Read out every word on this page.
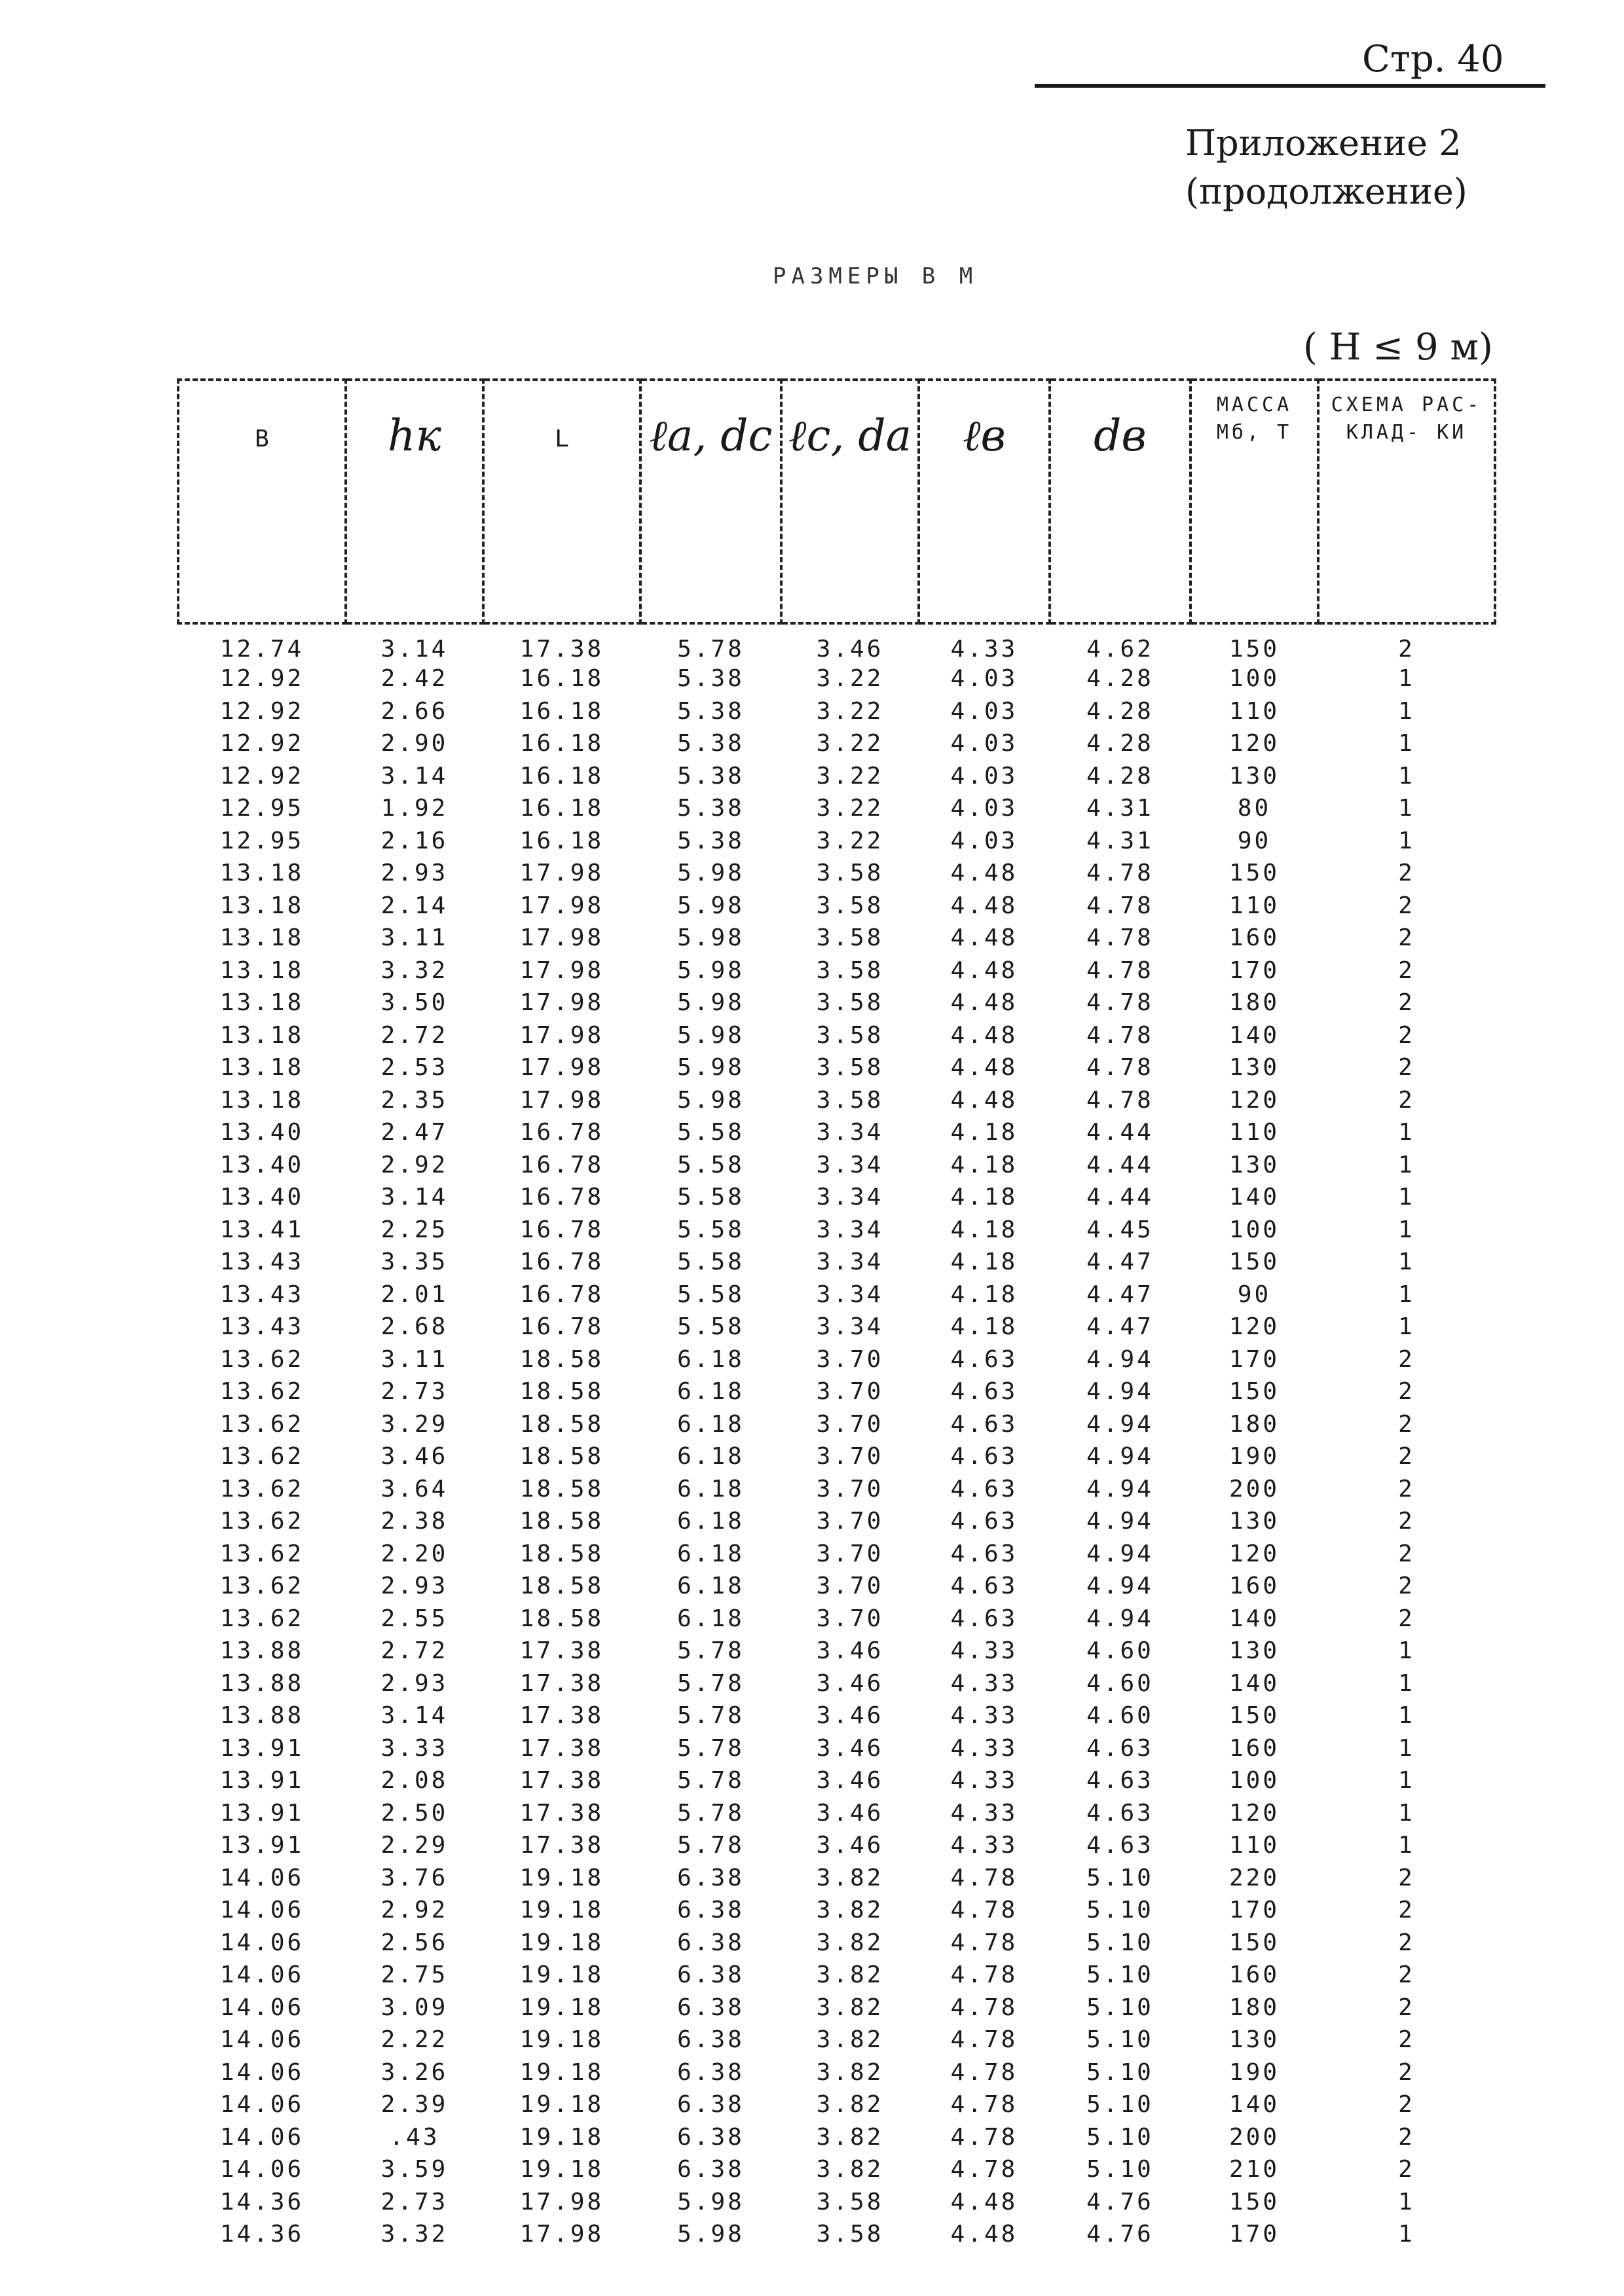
Стр. 40
Приложение 2
(продолжение)
РАЗМЕРЫ В М
( H ≤ 9 м)
B	hк	L	ℓa, dc	ℓc, da	ℓв	dв	МАССА Mб, Т	СХЕМА РАС- КЛАД- КИ

12.74	3.14	17.38	5.78	3.46	4.33	4.62	150	2
12.92	2.42	16.18	5.38	3.22	4.03	4.28	100	1
12.92	2.66	16.18	5.38	3.22	4.03	4.28	110	1
12.92	2.90	16.18	5.38	3.22	4.03	4.28	120	1
12.92	3.14	16.18	5.38	3.22	4.03	4.28	130	1
12.95	1.92	16.18	5.38	3.22	4.03	4.31	80	1
12.95	2.16	16.18	5.38	3.22	4.03	4.31	90	1
13.18	2.93	17.98	5.98	3.58	4.48	4.78	150	2
13.18	2.14	17.98	5.98	3.58	4.48	4.78	110	2
13.18	3.11	17.98	5.98	3.58	4.48	4.78	160	2
13.18	3.32	17.98	5.98	3.58	4.48	4.78	170	2
13.18	3.50	17.98	5.98	3.58	4.48	4.78	180	2
13.18	2.72	17.98	5.98	3.58	4.48	4.78	140	2
13.18	2.53	17.98	5.98	3.58	4.48	4.78	130	2
13.18	2.35	17.98	5.98	3.58	4.48	4.78	120	2
13.40	2.47	16.78	5.58	3.34	4.18	4.44	110	1
13.40	2.92	16.78	5.58	3.34	4.18	4.44	130	1
13.40	3.14	16.78	5.58	3.34	4.18	4.44	140	1
13.41	2.25	16.78	5.58	3.34	4.18	4.45	100	1
13.43	3.35	16.78	5.58	3.34	4.18	4.47	150	1
13.43	2.01	16.78	5.58	3.34	4.18	4.47	90	1
13.43	2.68	16.78	5.58	3.34	4.18	4.47	120	1
13.62	3.11	18.58	6.18	3.70	4.63	4.94	170	2
13.62	2.73	18.58	6.18	3.70	4.63	4.94	150	2
13.62	3.29	18.58	6.18	3.70	4.63	4.94	180	2
13.62	3.46	18.58	6.18	3.70	4.63	4.94	190	2
13.62	3.64	18.58	6.18	3.70	4.63	4.94	200	2
13.62	2.38	18.58	6.18	3.70	4.63	4.94	130	2
13.62	2.20	18.58	6.18	3.70	4.63	4.94	120	2
13.62	2.93	18.58	6.18	3.70	4.63	4.94	160	2
13.62	2.55	18.58	6.18	3.70	4.63	4.94	140	2
13.88	2.72	17.38	5.78	3.46	4.33	4.60	130	1
13.88	2.93	17.38	5.78	3.46	4.33	4.60	140	1
13.88	3.14	17.38	5.78	3.46	4.33	4.60	150	1
13.91	3.33	17.38	5.78	3.46	4.33	4.63	160	1
13.91	2.08	17.38	5.78	3.46	4.33	4.63	100	1
13.91	2.50	17.38	5.78	3.46	4.33	4.63	120	1
13.91	2.29	17.38	5.78	3.46	4.33	4.63	110	1
14.06	3.76	19.18	6.38	3.82	4.78	5.10	220	2
14.06	2.92	19.18	6.38	3.82	4.78	5.10	170	2
14.06	2.56	19.18	6.38	3.82	4.78	5.10	150	2
14.06	2.75	19.18	6.38	3.82	4.78	5.10	160	2
14.06	3.09	19.18	6.38	3.82	4.78	5.10	180	2
14.06	2.22	19.18	6.38	3.82	4.78	5.10	130	2
14.06	3.26	19.18	6.38	3.82	4.78	5.10	190	2
14.06	2.39	19.18	6.38	3.82	4.78	5.10	140	2
14.06	.43	19.18	6.38	3.82	4.78	5.10	200	2
14.06	3.59	19.18	6.38	3.82	4.78	5.10	210	2
14.36	2.73	17.98	5.98	3.58	4.48	4.76	150	1
14.36	3.32	17.98	5.98	3.58	4.48	4.76	170	1
